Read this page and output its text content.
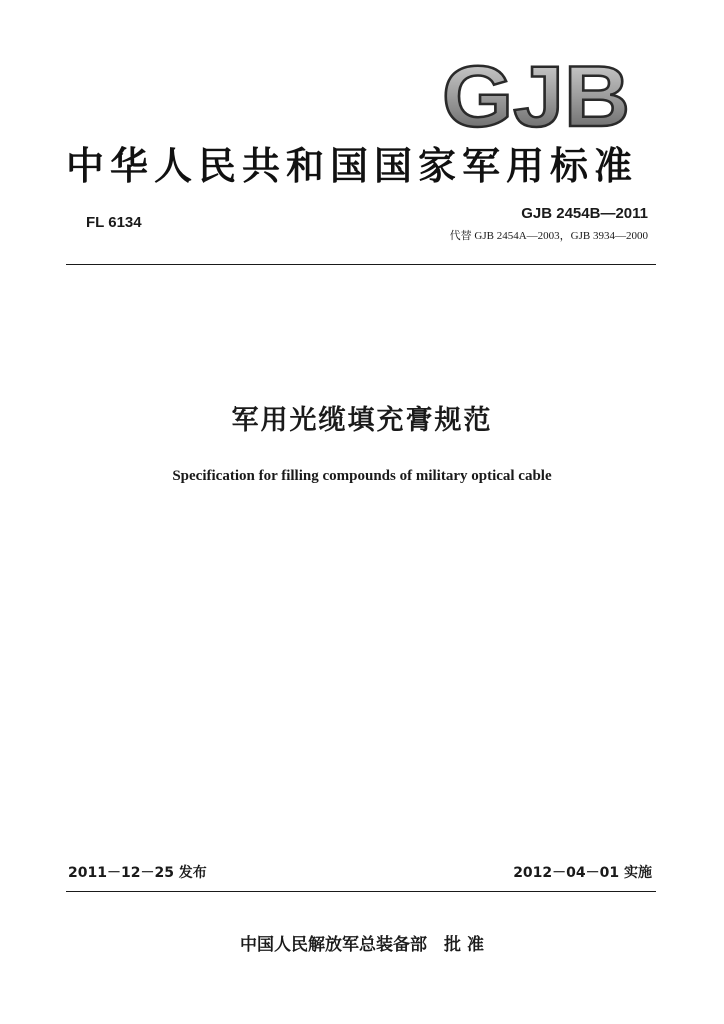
GJB
中华人民共和国国家军用标准
FL 6134
GJB 2454B—2011
代替 GJB 2454A—2003，GJB 3934—2000
军用光缆填充膏规范
Specification for filling compounds of military optical cable
2011－12－25 发布	2012－04－01 实施
中国人民解放军总装备部　批 准
